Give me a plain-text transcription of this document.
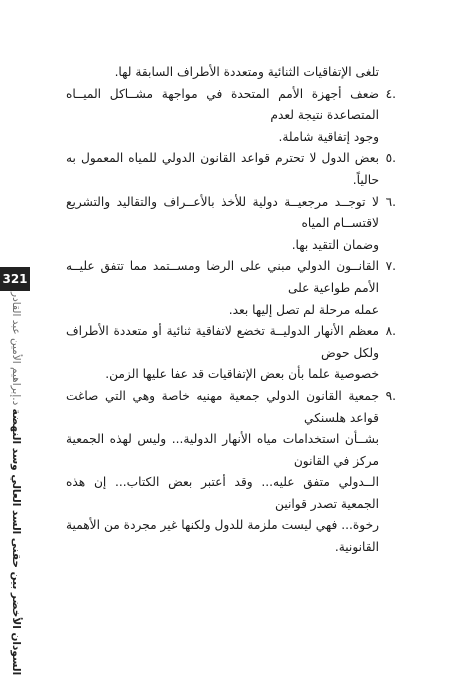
تلغى الإتفاقيات الثنائية ومتعددة الأطراف السابقة لها.
.٤
ضعف أجهزة الأمم المتحدة في مواجهة مشــاكل الميــاه المتصاعدة نتيجة لعدم
وجود إتفاقية شاملة.
.٥
بعض الدول لا تحترم قواعد القانون الدولي للمياه المعمول به حالياً.
.٦
لا توجــد مرجعيــة دولية للأخذ بالأعــراف والتقاليد والتشريع لاقتســام المياه
وضمان التقيد بها.
.٧
القانــون الدولي مبني على الرضا ومســتمد مما تتفق عليــه الأمم طواعية على
عمله مرحلة لم تصل إليها بعد.
.٨
معظم الأنهار الدوليــة تخضع لاتفاقية ثنائية أو متعددة الأطراف ولكل حوض
خصوصية علما بأن بعض الإتفاقيات قد عفا عليها الزمن.
.٩
جمعية القانون الدولي جمعية مهنيه خاصة وهي التي صاغت قواعد هلسنكي
بشــأن استخدامات مياه الأنهار الدولية... وليس لهذه الجمعية مركز في القانون
الــدولي متفق عليه... وقد أعتبر بعض الكتاب... إن هذه الجمعية تصدر قوانين
رخوة... فهي ليست ملزمة للدول ولكنها غير مجردة من الأهمية القانونية.
321
السودان الأخضر بين حقنى السد العالي وسد النهضة د.إبراهيم الأمين عبد القادر
